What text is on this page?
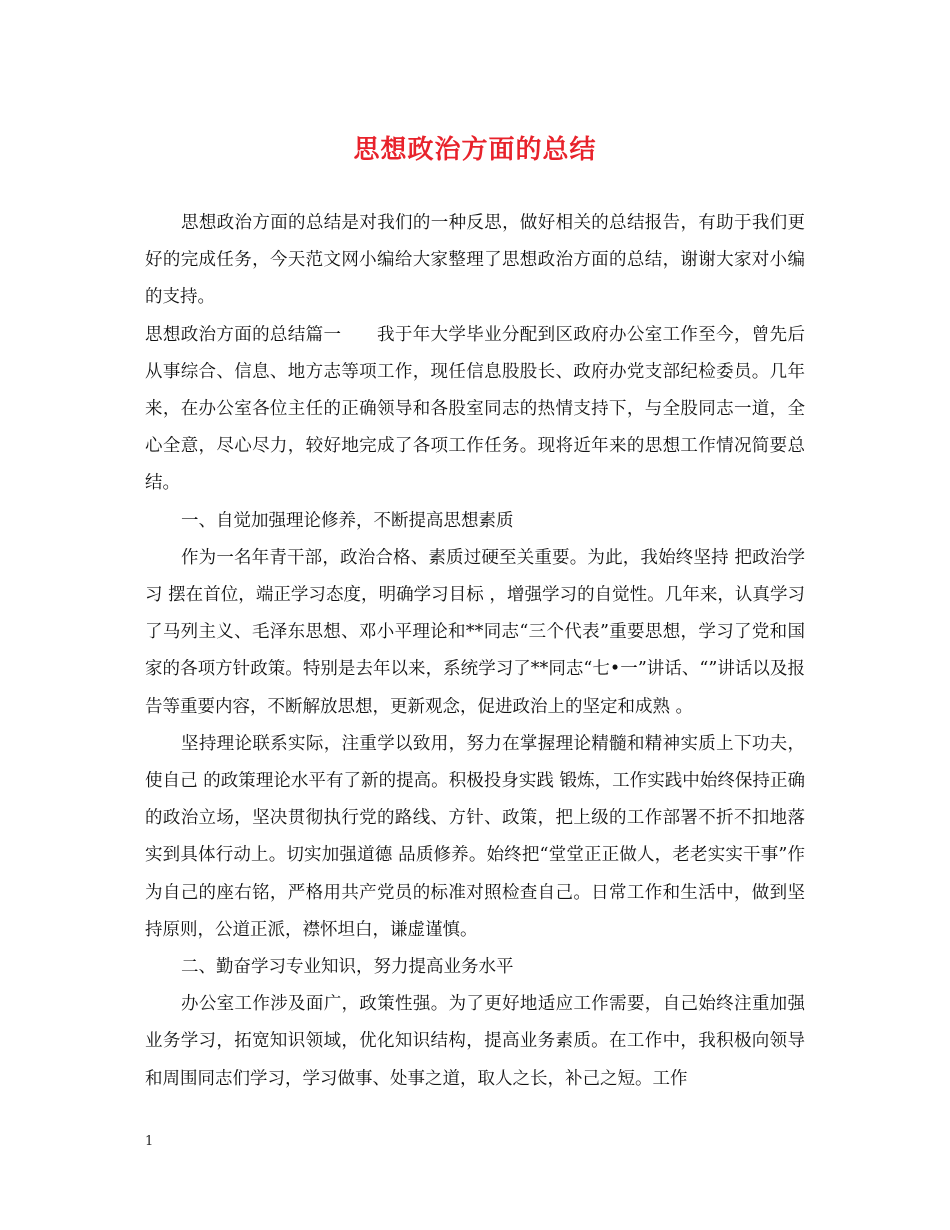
思想政治方面的总结

思想政治方面的总结是对我们的一种反思，做好相关的总结报告，有助于我们更好的完成任务，今天范文网小编给大家整理了思想政治方面的总结，谢谢大家对小编的支持。

思想政治方面的总结篇一　　我于年大学毕业分配到区政府办公室工作至今，曾先后从事综合、信息、地方志等项工作，现任信息股股长、政府办党支部纪检委员。几年来，在办公室各位主任的正确领导和各股室同志的热情支持下，与全股同志一道，全心全意，尽心尽力，较好地完成了各项工作任务。现将近年来的思想工作情况简要总结。

一、自觉加强理论修养，不断提高思想素质

作为一名年青干部，政治合格、素质过硬至关重要。为此，我始终坚持 把政治学习 摆在首位，端正学习态度，明确学习目标 ，增强学习的自觉性。几年来，认真学习了马列主义、毛泽东思想、邓小平理论和**同志“三个代表”重要思想，学习了党和国家的各项方针政策。特别是去年以来，系统学习了**同志“七•一”讲话、“”讲话以及报告等重要内容，不断解放思想，更新观念，促进政治上的坚定和成熟 。

坚持理论联系实际，注重学以致用，努力在掌握理论精髓和精神实质上下功夫，使自己 的政策理论水平有了新的提高。积极投身实践 锻炼，工作实践中始终保持正确的政治立场，坚决贯彻执行党的路线、方针、政策，把上级的工作部署不折不扣地落实到具体行动上。切实加强道德 品质修养。始终把“堂堂正正做人，老老实实干事”作为自己的座右铭，严格用共产党员的标准对照检查自己。日常工作和生活中，做到坚持原则，公道正派，襟怀坦白，谦虚谨慎。

二、勤奋学习专业知识，努力提高业务水平

办公室工作涉及面广，政策性强。为了更好地适应工作需要，自己始终注重加强业务学习，拓宽知识领域，优化知识结构，提高业务素质。在工作中，我积极向领导和周围同志们学习，学习做事、处事之道，取人之长，补己之短。工作

1
